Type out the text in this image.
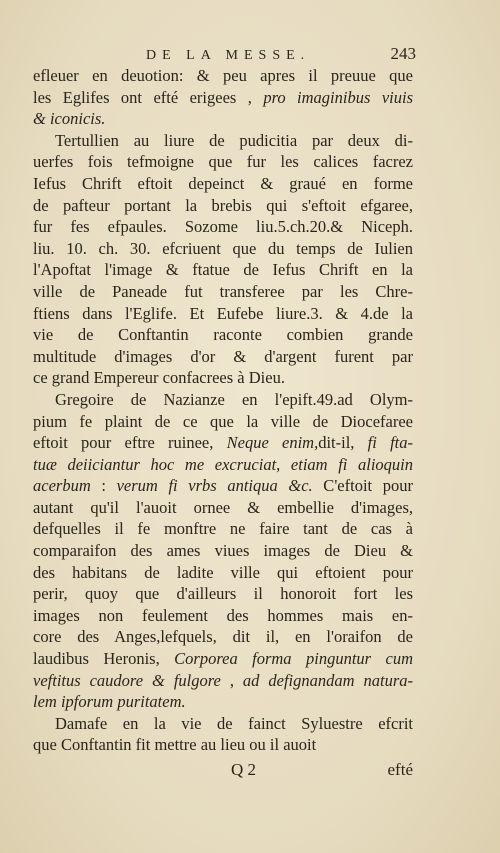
DE LA MESSE.	243
efleuer en deuotion: & peu apres il preuue que
les Eglifes ont efté erigees , pro imaginibus viuis
& iconicis.
Tertullien au liure de pudicitia par deux di-
uerfes fois tefmoigne que fur les calices facrez
Iefus Chrift eftoit depeinct & graué en forme
de pafteur portant la brebis qui s'eftoit efgaree,
fur fes efpaules. Sozome liu.5.ch.20.& Niceph.
liu. 10. ch. 30. efcriuent que du temps de Iulien
l'Apoftat l'image & ftatue de Iefus Chrift en la
ville de Paneade fut transferee par les Chre-
ftiens dans l'Eglife. Et Eufebe liure.3. & 4.de la
vie de Conftantin raconte combien grande
multitude d'images d'or & d'argent furent par
ce grand Empereur confacrees à Dieu.
Gregoire de Nazianze en l'epift.49.ad Olym-
pium fe plaint de ce que la ville de Diocefaree
eftoit pour eftre ruinee, Neque enim,dit-il, fi fta-
tuæ deiiciantur hoc me excruciat, etiam fi alioquin
acerbum : verum fi vrbs antiqua &c. C'eftoit pour
autant qu'il l'auoit ornee & embellie d'images,
defquelles il fe monftre ne faire tant de cas à
comparaifon des ames viues images de Dieu &
des habitans de ladite ville qui eftoient pour
perir, quoy que d'ailleurs il honoroit fort les
images non feulement des hommes mais en-
core des Anges,lefquels, dit il, en l'oraifon de
laudibus Heronis, Corporea forma pinguntur cum
veftitus caudore & fulgore , ad defignandam natura-
lem ipforum puritatem.
Damafe en la vie de fainct Syluestre efcrit
que Conftantin fit mettre au lieu ou il auoit
Q 2	efté
